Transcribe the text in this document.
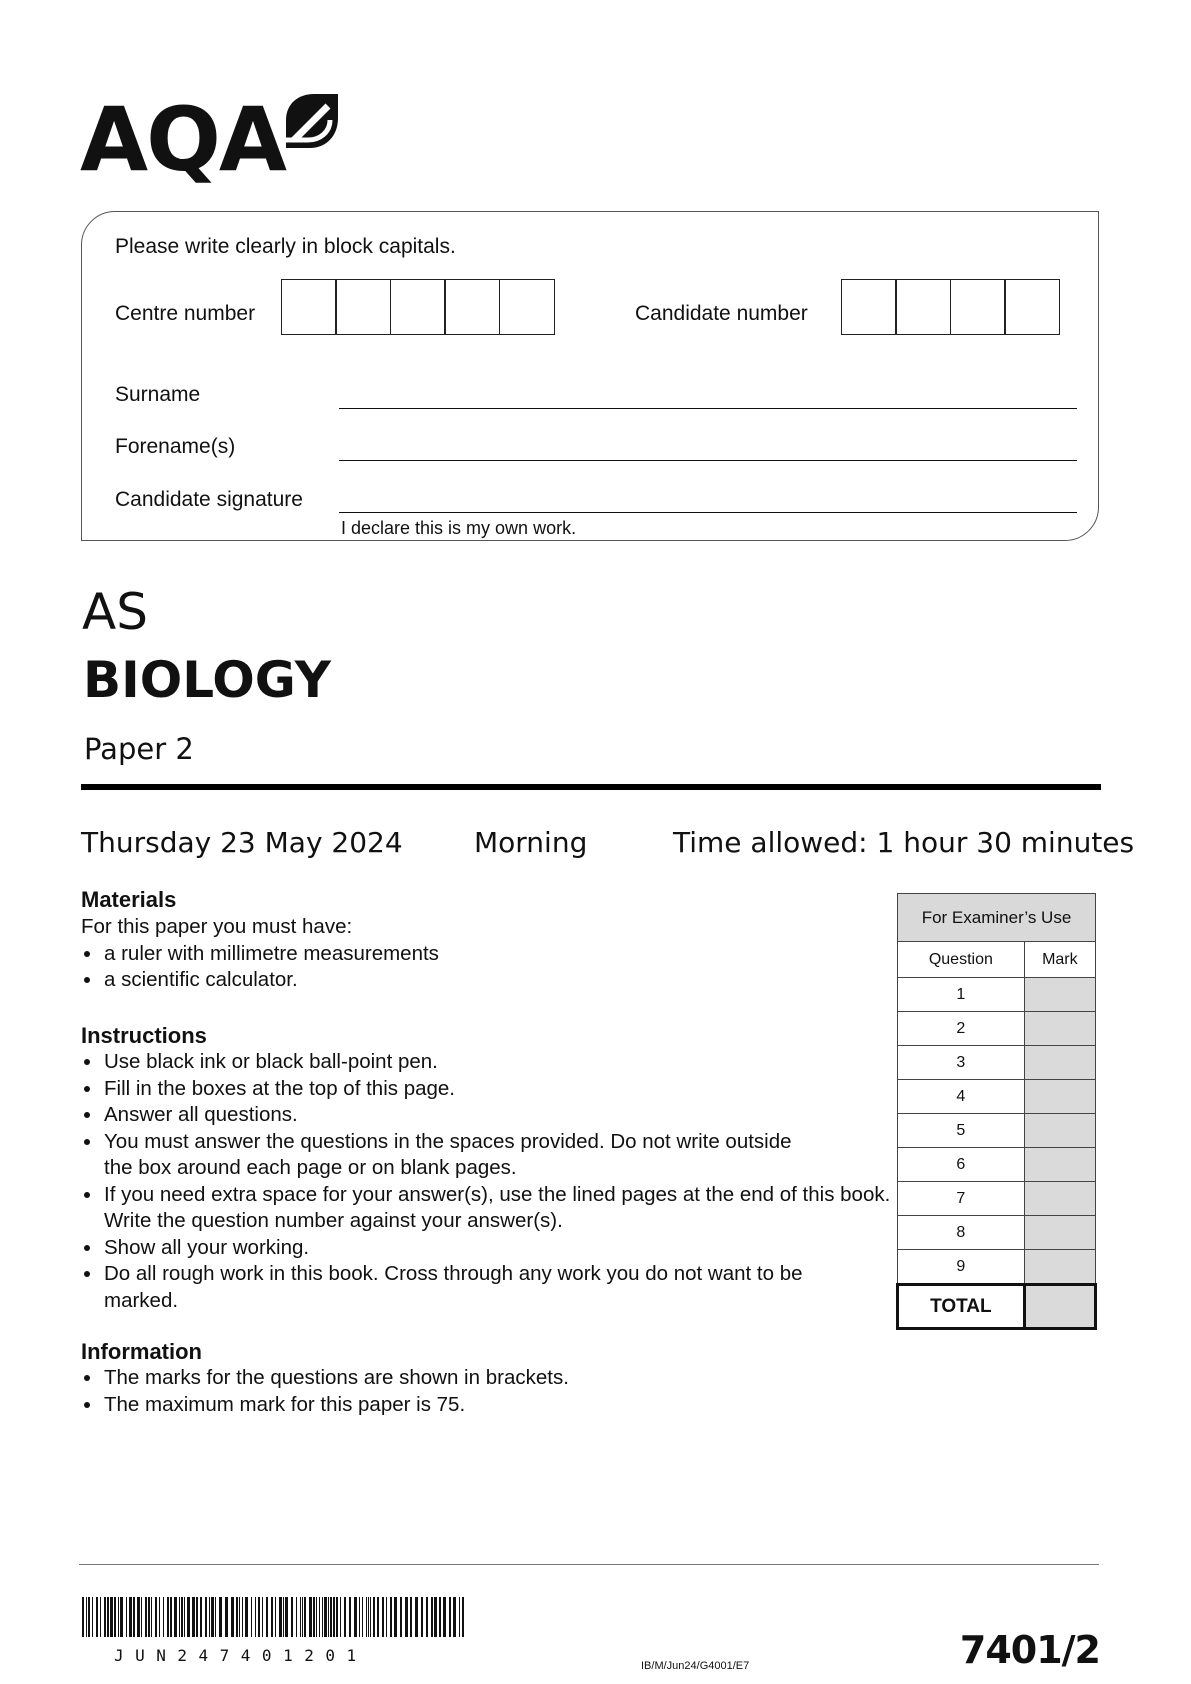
AQA
Please write clearly in block capitals.
Centre number	Candidate number
Surname
Forename(s)
Candidate signature
I declare this is my own work.
AS
BIOLOGY
Paper 2
Thursday 23 May 2024	Morning	Time allowed: 1 hour 30 minutes
Materials
For this paper you must have:
a ruler with millimetre measurements
a scientific calculator.
Instructions
Use black ink or black ball-point pen.
Fill in the boxes at the top of this page.
Answer all questions.
You must answer the questions in the spaces provided. Do not write outside the box around each page or on blank pages.
If you need extra space for your answer(s), use the lined pages at the end of this book. Write the question number against your answer(s).
Show all your working.
Do all rough work in this book. Cross through any work you do not want to be marked.
Information
The marks for the questions are shown in brackets.
The maximum mark for this paper is 75.
For Examiner’s Use	
Question	Mark
1	
2	
3	
4	
5	
6	
7	
8	
9	
TOTAL	
JUN247401201
IB/M/Jun24/G4001/E7	7401/2
